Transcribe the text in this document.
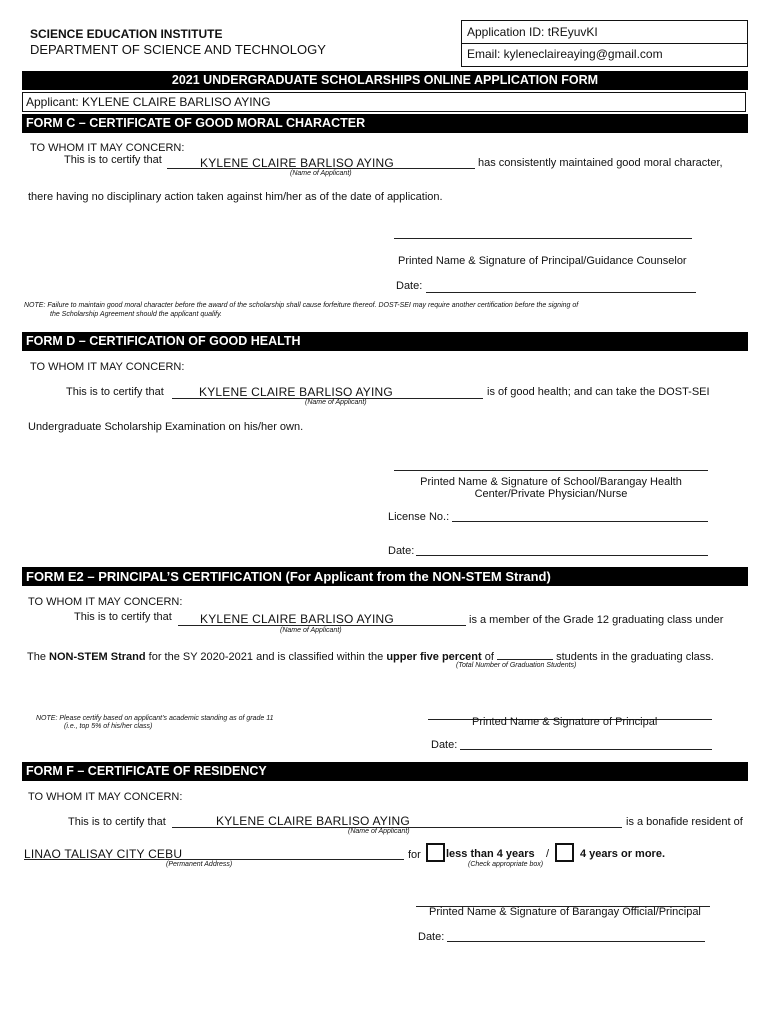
SCIENCE EDUCATION INSTITUTE
DEPARTMENT OF SCIENCE AND TECHNOLOGY
Application ID: tREyuvKI
Email: kyleneclaireaying@gmail.com
2021 UNDERGRADUATE SCHOLARSHIPS ONLINE APPLICATION FORM
Applicant: KYLENE CLAIRE BARLISO AYING
FORM C – CERTIFICATE OF GOOD MORAL CHARACTER
TO WHOM IT MAY CONCERN:
This is to certify that	KYLENE CLAIRE BARLISO AYING
(Name of Applicant)
has consistently maintained good moral character,
there having no disciplinary action taken against him/her as of the date of application.
Printed Name & Signature of Principal/Guidance Counselor
Date:
NOTE: Failure to maintain good moral character before the award of the scholarship shall cause forfeiture thereof. DOST-SEI may require another certification before the signing of
the Scholarship Agreement should the applicant qualify.
FORM D – CERTIFICATION OF GOOD HEALTH
TO WHOM IT MAY CONCERN:
This is to certify that	KYLENE CLAIRE BARLISO AYING
(Name of Applicant)
is of good health; and can take the DOST-SEI
Undergraduate Scholarship Examination on his/her own.
Printed Name & Signature of School/Barangay Health
Center/Private Physician/Nurse
License No.:
Date:
FORM E2 – PRINCIPAL’S CERTIFICATION (For Applicant from the NON-STEM Strand)
TO WHOM IT MAY CONCERN:
This is to certify that KYLENE CLAIRE BARLISO AYING
(Name of Applicant)
is a member of the Grade 12 graduating class under
The NON-STEM Strand for the SY 2020-2021 and is classified within the upper five percent of	students in the graduating class.
(Total Number of Graduation Students)
NOTE: Please certify based on applicant’s academic standing as of grade 11
(i.e., top 5% of his/her class)	Printed Name & Signature of Principal
Date:
FORM F – CERTIFICATE OF RESIDENCY
TO WHOM IT MAY CONCERN:
This is to certify that	KYLENE CLAIRE BARLISO AYING
(Name of Applicant)
is a bonafide resident of
LINAO TALISAY CITY CEBU
(Permanent Address)
for less than 4 years /	4 years or more.
(Check appropriate box)
Printed Name & Signature of Barangay Official/Principal
Date:
